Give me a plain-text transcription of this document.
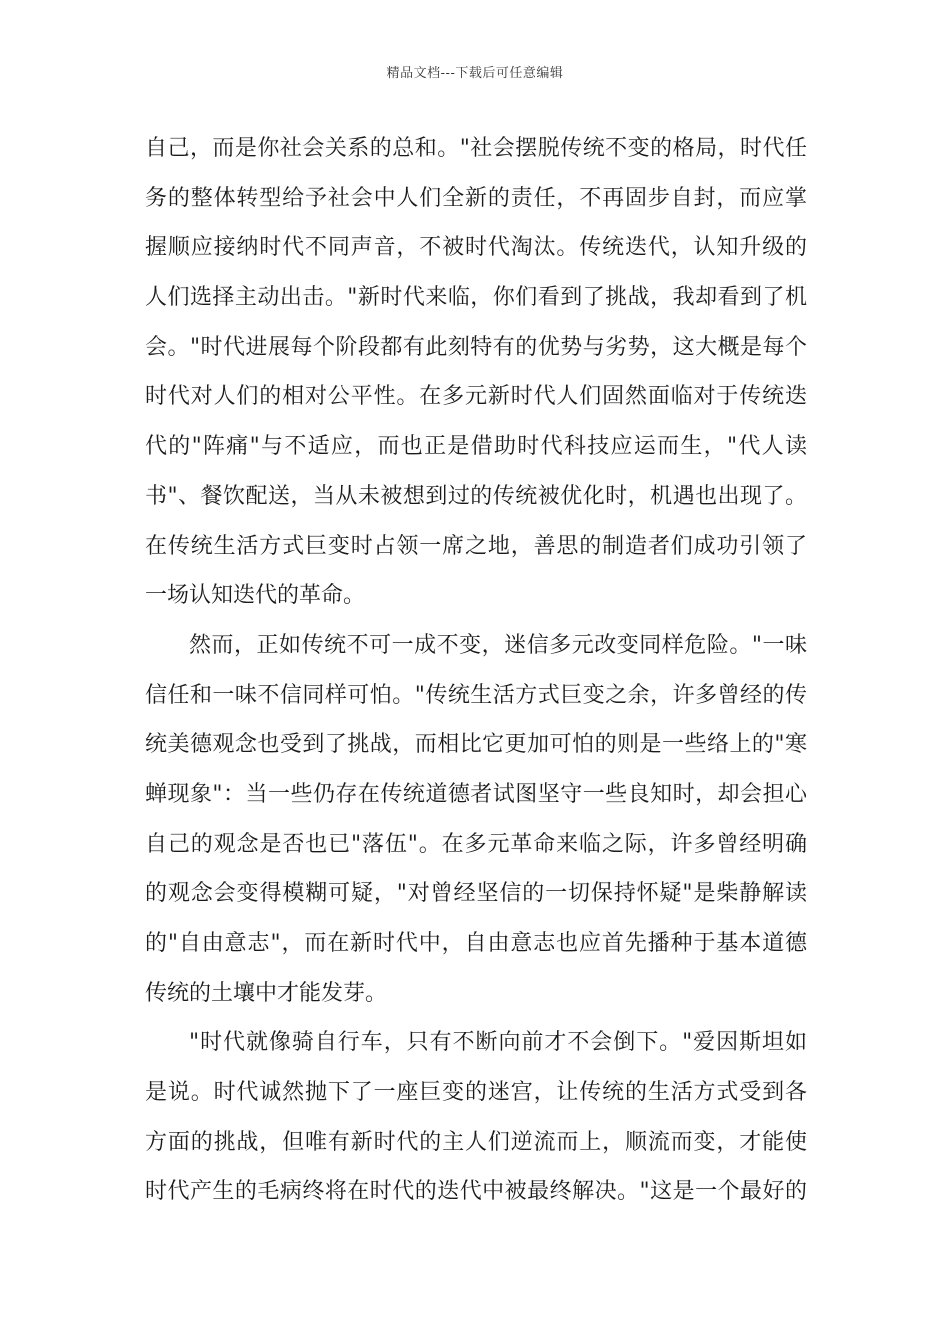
精品文档---下载后可任意编辑
自己，而是你社会关系的总和。"社会摆脱传统不变的格局，时代任
务的整体转型给予社会中人们全新的责任，不再固步自封，而应掌
握顺应接纳时代不同声音，不被时代淘汰。传统迭代，认知升级的
人们选择主动出击。"新时代来临，你们看到了挑战，我却看到了机
会。"时代进展每个阶段都有此刻特有的优势与劣势，这大概是每个
时代对人们的相对公平性。在多元新时代人们固然面临对于传统迭
代的"阵痛"与不适应，而也正是借助时代科技应运而生，"代人读
书"、餐饮配送，当从未被想到过的传统被优化时，机遇也出现了。
在传统生活方式巨变时占领一席之地，善思的制造者们成功引领了
一场认知迭代的革命。
然而，正如传统不可一成不变，迷信多元改变同样危险。"一味
信任和一味不信同样可怕。"传统生活方式巨变之余，许多曾经的传
统美德观念也受到了挑战，而相比它更加可怕的则是一些络上的"寒
蝉现象"：当一些仍存在传统道德者试图坚守一些良知时，却会担心
自己的观念是否也已"落伍"。在多元革命来临之际，许多曾经明确
的观念会变得模糊可疑，"对曾经坚信的一切保持怀疑"是柴静解读
的"自由意志"，而在新时代中，自由意志也应首先播种于基本道德
传统的土壤中才能发芽。
"时代就像骑自行车，只有不断向前才不会倒下。"爱因斯坦如
是说。时代诚然抛下了一座巨变的迷宫，让传统的生活方式受到各
方面的挑战，但唯有新时代的主人们逆流而上，顺流而变，才能使
时代产生的毛病终将在时代的迭代中被最终解决。"这是一个最好的
